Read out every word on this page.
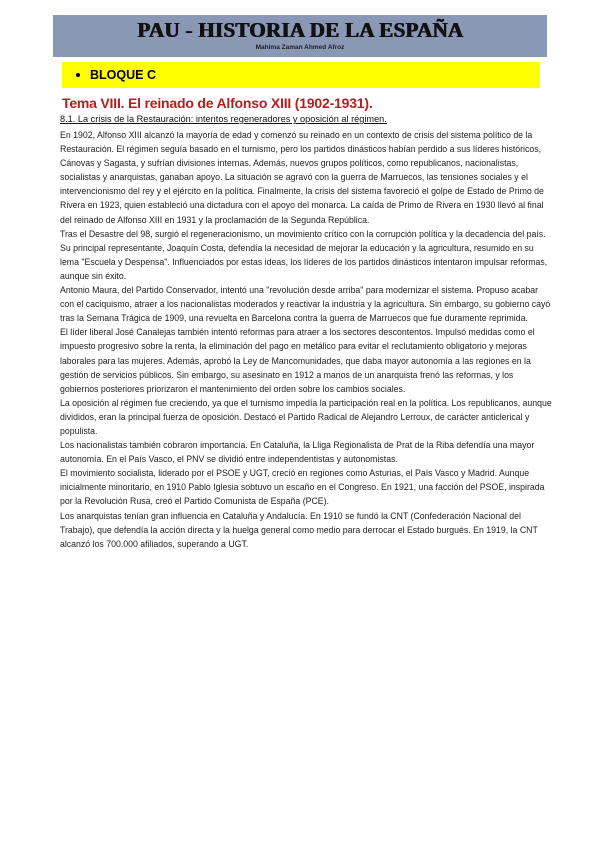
PAU - HISTORIA DE LA ESPAÑA
Mahima Zaman Ahmed Afroz
BLOQUE C
Tema VIII. El reinado de Alfonso XIII (1902-1931).
8.1. La crisis de la Restauración: intentos regeneradores y oposición al régimen.

En 1902, Alfonso XIII alcanzó la mayoría de edad y comenzó su reinado en un contexto de crisis del sistema político de la Restauración. El régimen seguía basado en el turnismo, pero los partidos dinásticos habían perdido a sus líderes históricos, Cánovas y Sagasta, y sufrían divisiones internas. Además, nuevos grupos políticos, como republicanos, nacionalistas, socialistas y anarquistas, ganaban apoyo. La situación se agravó con la guerra de Marruecos, las tensiones sociales y el intervencionismo del rey y el ejército en la política. Finalmente, la crisis del sistema favoreció el golpe de Estado de Primo de Rivera en 1923, quien estableció una dictadura con el apoyo del monarca. La caída de Primo de Rivera en 1930 llevó al final del reinado de Alfonso XIII en 1931 y la proclamación de la Segunda República.

Tras el Desastre del 98, surgió el regeneracionismo, un movimiento crítico con la corrupción política y la decadencia del país. Su principal representante, Joaquín Costa, defendía la necesidad de mejorar la educación y la agricultura, resumido en su lema "Escuela y Despensa". Influenciados por estas ideas, los líderes de los partidos dinásticos intentaron impulsar reformas, aunque sin éxito.

Antonio Maura, del Partido Conservador, intentó una "revolución desde arriba" para modernizar el sistema. Propuso acabar con el caciquismo, atraer a los nacionalistas moderados y reactivar la industria y la agricultura. Sin embargo, su gobierno cayó tras la Semana Trágica de 1909, una revuelta en Barcelona contra la guerra de Marruecos que fue duramente reprimida.

El líder liberal José Canalejas también intentó reformas para atraer a los sectores descontentos. Impulsó medidas como el impuesto progresivo sobre la renta, la eliminación del pago en metálico para evitar el reclutamiento obligatorio y mejoras laborales para las mujeres. Además, aprobó la Ley de Mancomunidades, que daba mayor autonomía a las regiones en la gestión de servicios públicos. Sin embargo, su asesinato en 1912 a manos de un anarquista frenó las reformas, y los gobiernos posteriores priorizaron el mantenimiento del orden sobre los cambios sociales.

La oposición al régimen fue creciendo, ya que el turnismo impedía la participación real en la política. Los republicanos, aunque divididos, eran la principal fuerza de oposición. Destacó el Partido Radical de Alejandro Lerroux, de carácter anticlerical y populista.

Los nacionalistas también cobraron importancia. En Cataluña, la Lliga Regionalista de Prat de la Riba defendía una mayor autonomía. En el País Vasco, el PNV se dividió entre independentistas y autonomistas.

El movimiento socialista, liderado por el PSOE y UGT, creció en regiones como Asturias, el País Vasco y Madrid. Aunque inicialmente minoritario, en 1910 Pablo Iglesia sobtuvo un escaño en el Congreso. En 1921, una facción del PSOE, inspirada por la Revolución Rusa, creó el Partido Comunista de España (PCE).

Los anarquistas tenían gran influencia en Cataluña y Andalucía. En 1910 se fundó la CNT (Confederación Nacional del Trabajo), que defendía la acción directa y la huelga general como medio para derrocar el Estado burgués. En 1919, la CNT alcanzó los 700.000 afiliados, superando a UGT.
